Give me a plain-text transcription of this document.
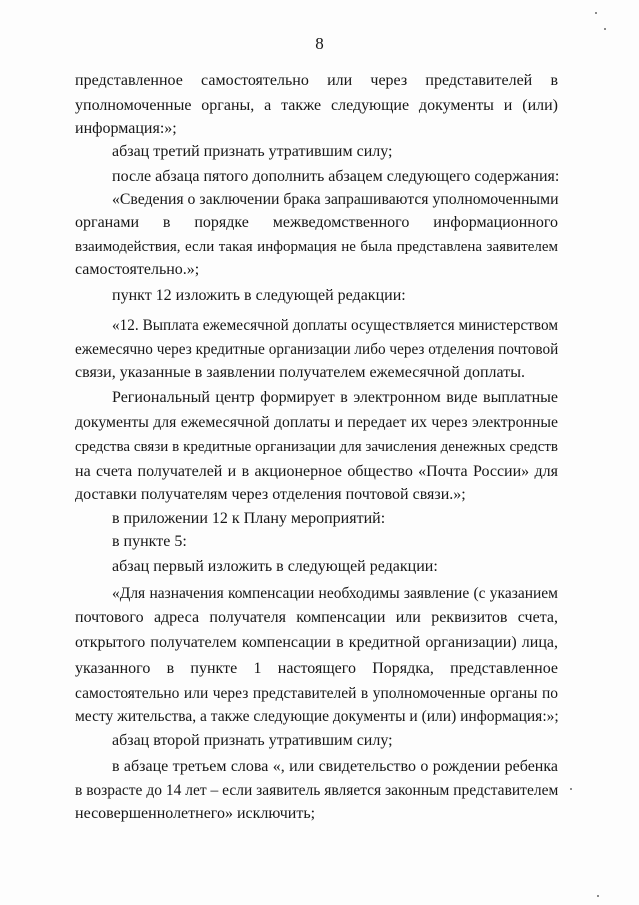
8
представленное самостоятельно или через представителей в
уполномоченные органы, а также следующие документы и (или)
информация:»;
абзац третий признать утратившим силу;
после абзаца пятого дополнить абзацем следующего содержания:
«Сведения о заключении брака запрашиваются уполномоченными
органами в порядке межведомственного информационного
взаимодействия, если такая информация не была представлена заявителем
самостоятельно.»;
пункт 12 изложить в следующей редакции:
«12. Выплата ежемесячной доплаты осуществляется министерством
ежемесячно через кредитные организации либо через отделения почтовой
связи, указанные в заявлении получателем ежемесячной доплаты.
Региональный центр формирует в электронном виде выплатные
документы для ежемесячной доплаты и передает их через электронные
средства связи в кредитные организации для зачисления денежных средств
на счета получателей и в акционерное общество «Почта России» для
доставки получателям через отделения почтовой связи.»;
в приложении 12 к Плану мероприятий:
в пункте 5:
абзац первый изложить в следующей редакции:
«Для назначения компенсации необходимы заявление (с указанием
почтового адреса получателя компенсации или реквизитов счета,
открытого получателем компенсации в кредитной организации) лица,
указанного в пункте 1 настоящего Порядка, представленное
самостоятельно или через представителей в уполномоченные органы по
месту жительства, а также следующие документы и (или) информация:»;
абзац второй признать утратившим силу;
в абзаце третьем слова «, или свидетельство о рождении ребенка
в возрасте до 14 лет – если заявитель является законным представителем
несовершеннолетнего» исключить;
